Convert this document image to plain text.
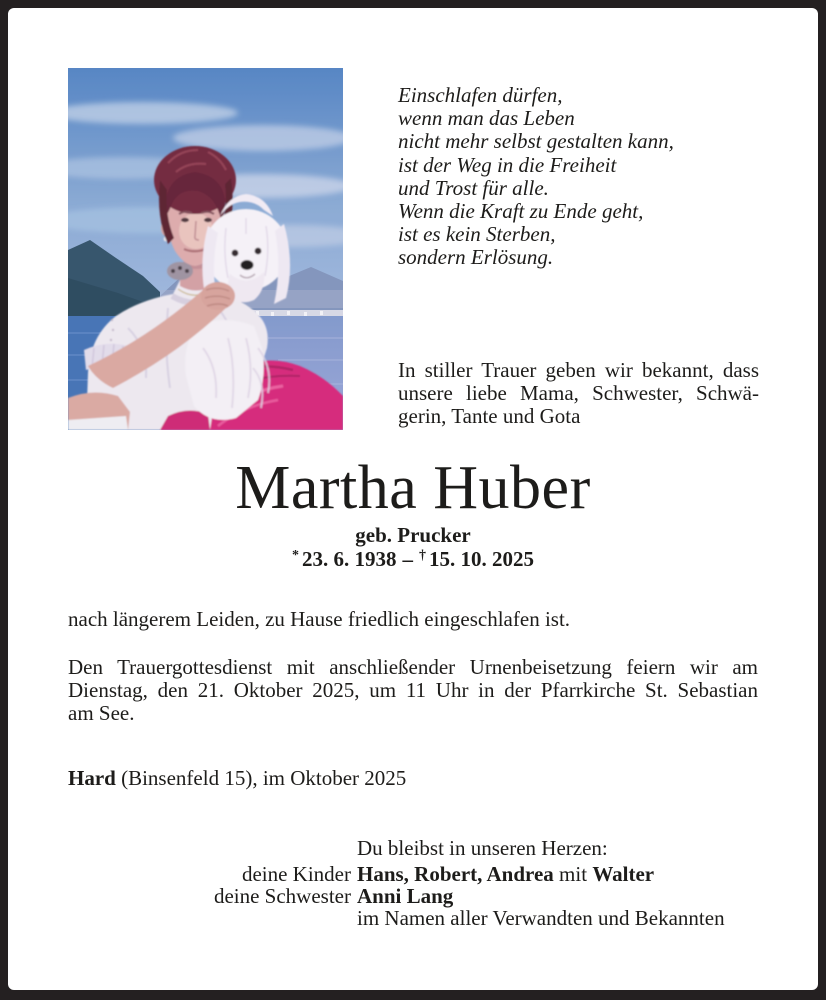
Einschlafen dürfen,
wenn man das Leben
nicht mehr selbst gestalten kann,
ist der Weg in die Freiheit
und Trost für alle.
Wenn die Kraft zu Ende geht,
ist es kein Sterben,
sondern Erlösung.
In stiller Trauer geben wir bekannt, dass
unsere liebe Mama, Schwester, Schwä-
gerin, Tante und Gota
Martha Huber
geb. Prucker
* 23. 6. 1938 – † 15. 10. 2025
nach längerem Leiden, zu Hause friedlich eingeschlafen ist.
Den Trauergottesdienst mit anschließender Urnenbeisetzung feiern wir am
Dienstag, den 21. Oktober 2025, um 11 Uhr in der Pfarrkirche St. Sebastian
am See.
Hard (Binsenfeld 15), im Oktober 2025
Du bleibst in unseren Herzen:
deine Kinder Hans, Robert, Andrea mit Walter
deine Schwester Anni Lang
im Namen aller Verwandten und Bekannten
